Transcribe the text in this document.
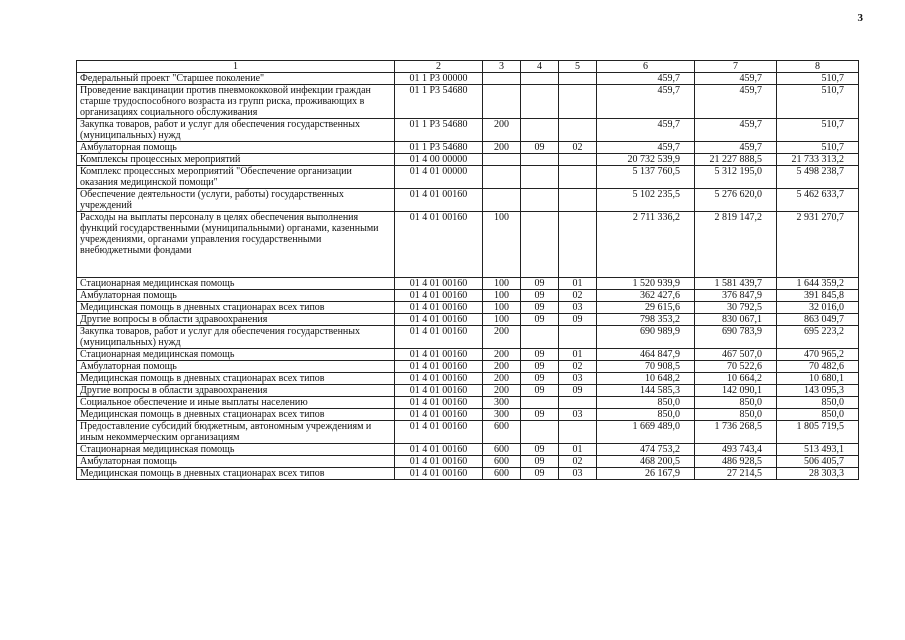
3
1	2	3	4	5	6	7	8
Федеральный проект "Старшее поколение"	01 1 P3 00000				459,7	459,7	510,7
Проведение вакцинации против пневмококковой инфекции граждан старше трудоспособного возраста из групп риска, проживающих в организациях социального обслуживания	01 1 P3 54680				459,7	459,7	510,7
Закупка товаров, работ и услуг для обеспечения государственных (муниципальных) нужд	01 1 P3 54680	200			459,7	459,7	510,7
Амбулаторная помощь	01 1 P3 54680	200	09	02	459,7	459,7	510,7
Комплексы процессных мероприятий	01 4 00 00000				20 732 539,9	21 227 888,5	21 733 313,2
Комплекс процессных мероприятий "Обеспечение организации оказания медицинской помощи"	01 4 01 00000				5 137 760,5	5 312 195,0	5 498 238,7
Обеспечение деятельности (услуги, работы) государственных учреждений	01 4 01 00160				5 102 235,5	5 276 620,0	5 462 633,7
Расходы на выплаты персоналу в целях обеспечения выполнения функций государственными (муниципальными) органами, казенными учреждениями, органами управления государственными внебюджетными фондами	01 4 01 00160	100			2 711 336,2	2 819 147,2	2 931 270,7
Стационарная медицинская помощь	01 4 01 00160	100	09	01	1 520 939,9	1 581 439,7	1 644 359,2
Амбулаторная помощь	01 4 01 00160	100	09	02	362 427,6	376 847,9	391 845,8
Медицинская помощь в дневных стационарах всех типов	01 4 01 00160	100	09	03	29 615,6	30 792,5	32 016,0
Другие вопросы в области здравоохранения	01 4 01 00160	100	09	09	798 353,2	830 067,1	863 049,7
Закупка товаров, работ и услуг для обеспечения государственных (муниципальных) нужд	01 4 01 00160	200			690 989,9	690 783,9	695 223,2
Стационарная медицинская помощь	01 4 01 00160	200	09	01	464 847,9	467 507,0	470 965,2
Амбулаторная помощь	01 4 01 00160	200	09	02	70 908,5	70 522,6	70 482,6
Медицинская помощь в дневных стационарах всех типов	01 4 01 00160	200	09	03	10 648,2	10 664,2	10 680,1
Другие вопросы в области здравоохранения	01 4 01 00160	200	09	09	144 585,3	142 090,1	143 095,3
Социальное обеспечение и иные выплаты населению	01 4 01 00160	300			850,0	850,0	850,0
Медицинская помощь в дневных стационарах всех типов	01 4 01 00160	300	09	03	850,0	850,0	850,0
Предоставление субсидий бюджетным, автономным учреждениям и иным некоммерческим организациям	01 4 01 00160	600			1 669 489,0	1 736 268,5	1 805 719,5
Стационарная медицинская помощь	01 4 01 00160	600	09	01	474 753,2	493 743,4	513 493,1
Амбулаторная помощь	01 4 01 00160	600	09	02	468 200,5	486 928,5	506 405,7
Медицинская помощь в дневных стационарах всех типов	01 4 01 00160	600	09	03	26 167,9	27 214,5	28 303,3
